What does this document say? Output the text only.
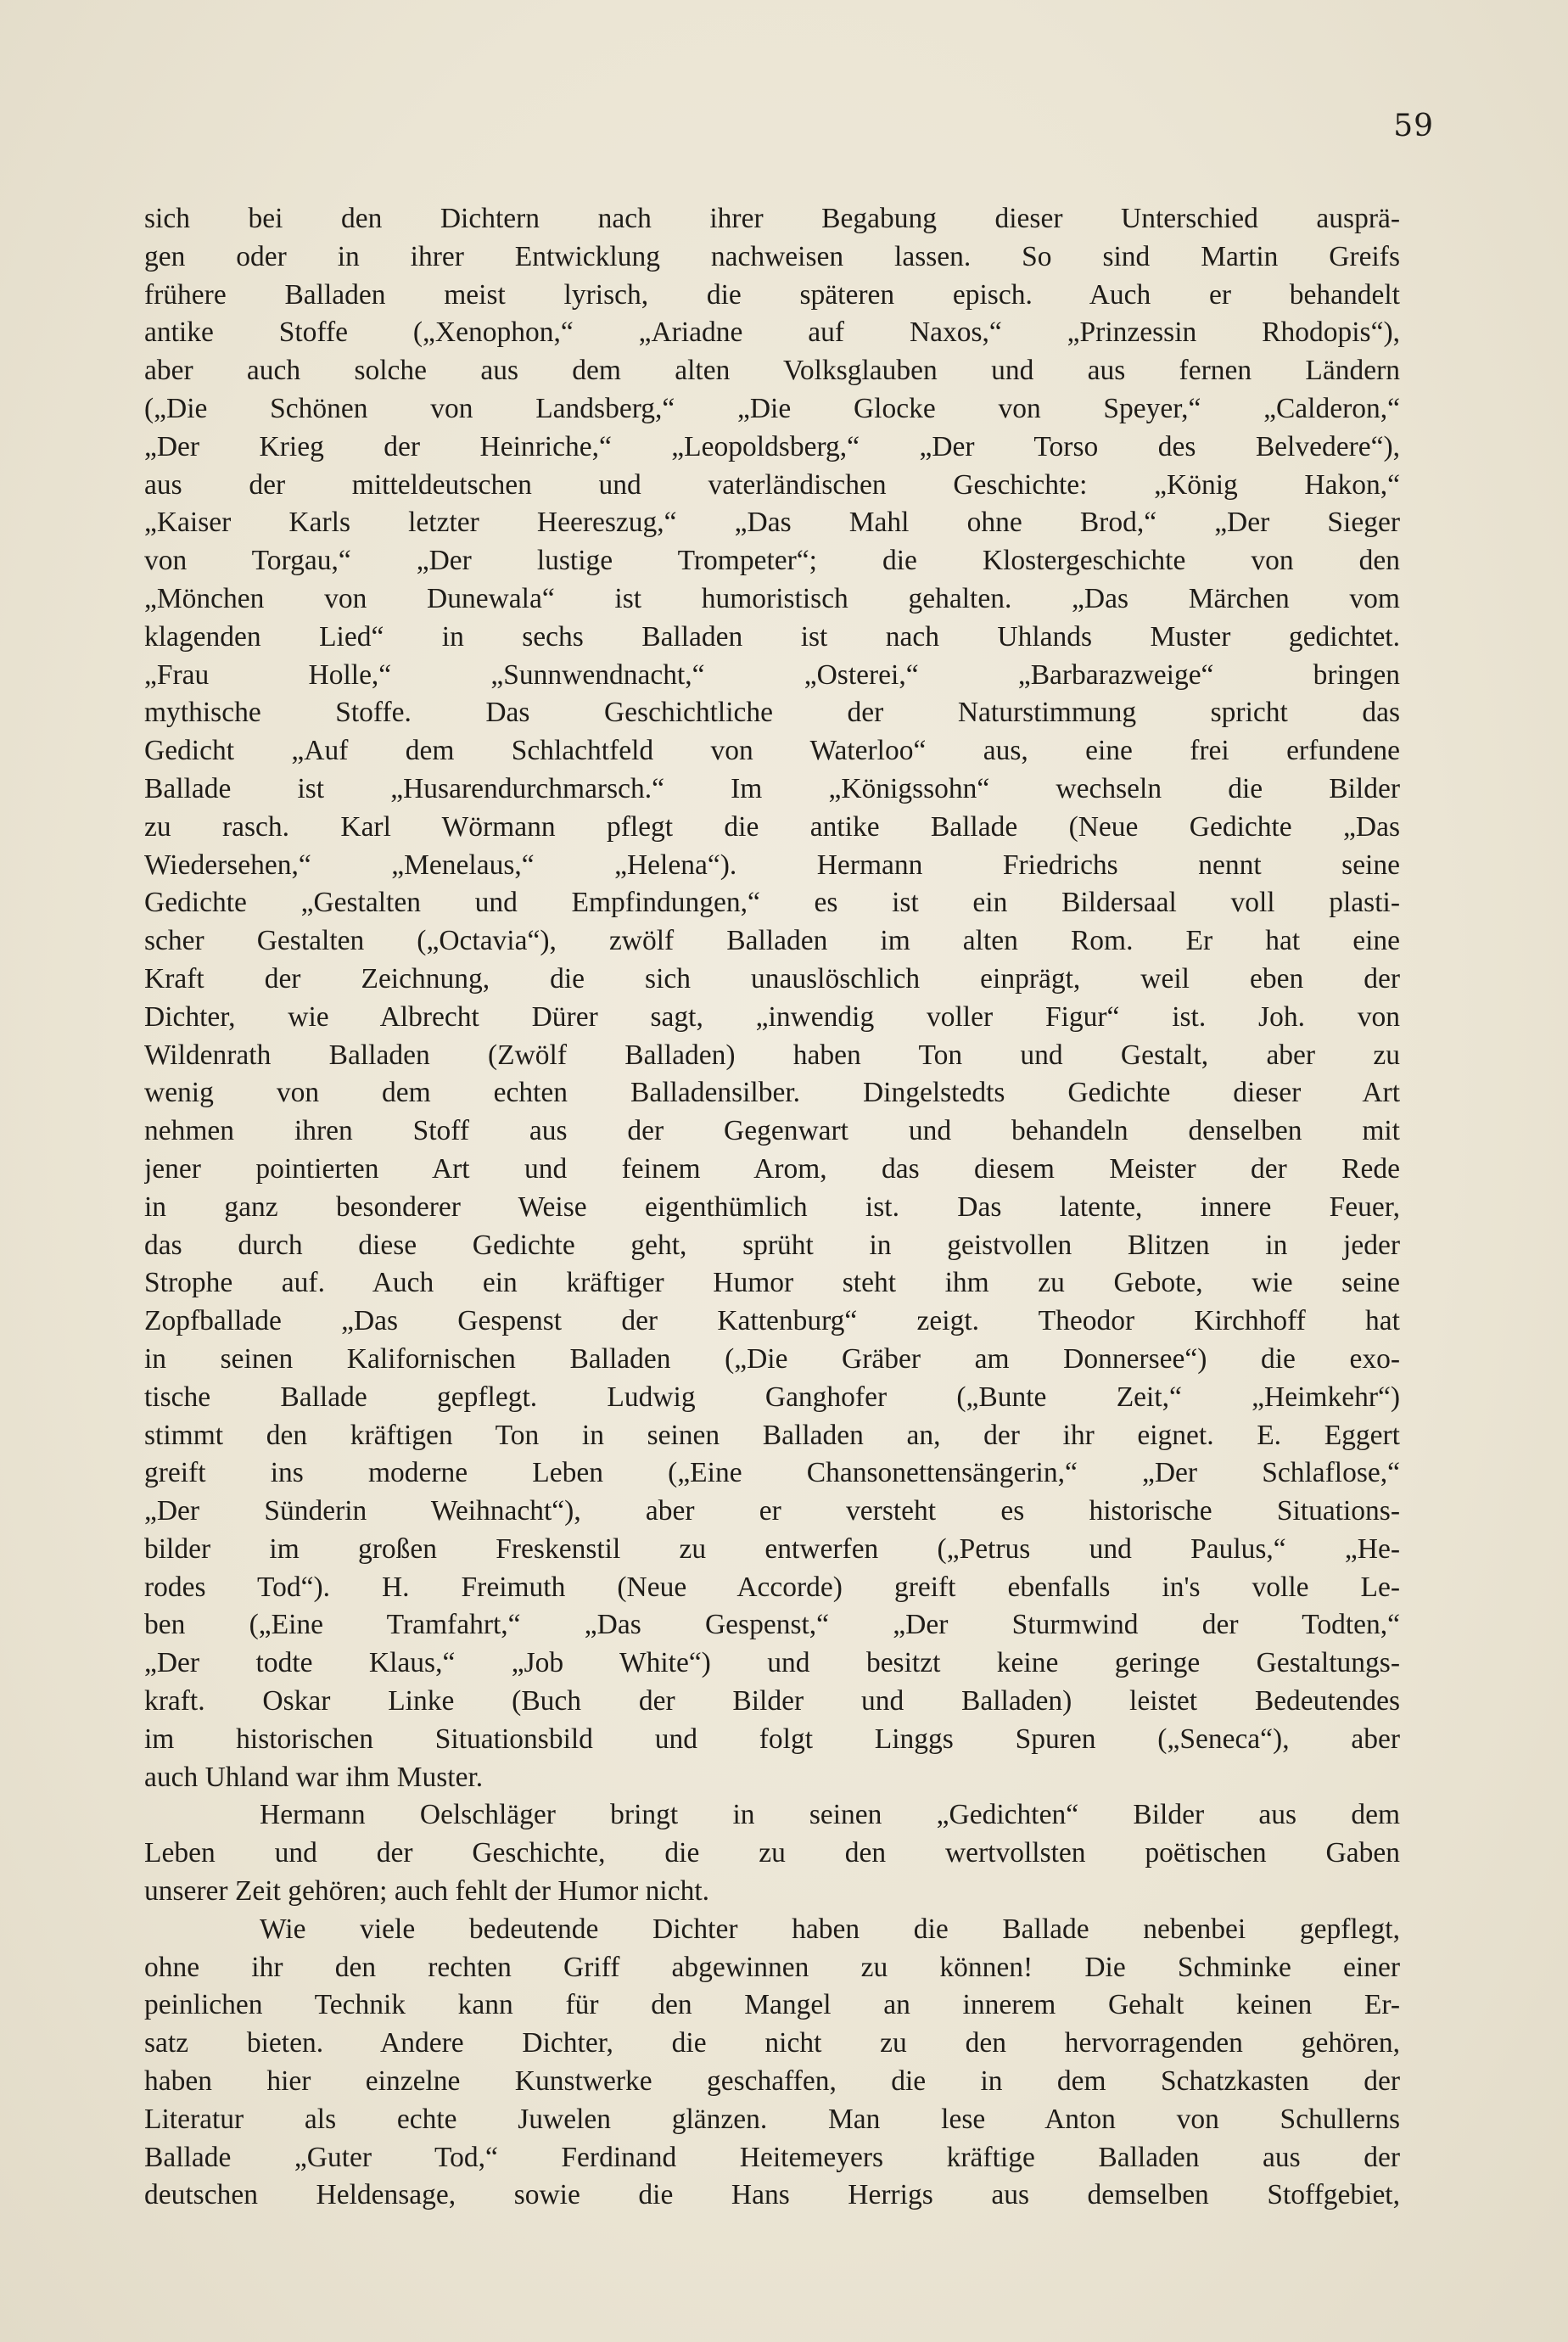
59
sich bei den Dichtern nach ihrer Begabung dieser Unterschied ausprä-
gen oder in ihrer Entwicklung nachweisen lassen. So sind Martin Greifs
frühere Balladen meist lyrisch, die späteren episch. Auch er behandelt
antike Stoffe („Xenophon,“ „Ariadne auf Naxos,“ „Prinzessin Rhodopis“),
aber auch solche aus dem alten Volksglauben und aus fernen Ländern
(„Die Schönen von Landsberg,“ „Die Glocke von Speyer,“ „Calderon,“
„Der Krieg der Heinriche,“ „Leopoldsberg,“ „Der Torso des Belvedere“),
aus der mitteldeutschen und vaterländischen Geschichte: „König Hakon,“
„Kaiser Karls letzter Heereszug,“ „Das Mahl ohne Brod,“ „Der Sieger
von Torgau,“ „Der lustige Trompeter“; die Klostergeschichte von den
„Mönchen von Dunewala“ ist humoristisch gehalten. „Das Märchen vom
klagenden Lied“ in sechs Balladen ist nach Uhlands Muster gedichtet.
„Frau Holle,“ „Sunnwendnacht,“ „Osterei,“ „Barbarazweige“ bringen
mythische Stoffe. Das Geschichtliche der Naturstimmung spricht das
Gedicht „Auf dem Schlachtfeld von Waterloo“ aus, eine frei erfundene
Ballade ist „Husarendurchmarsch.“ Im „Königssohn“ wechseln die Bilder
zu rasch. Karl Wörmann pflegt die antike Ballade (Neue Gedichte „Das
Wiedersehen,“ „Menelaus,“ „Helena“). Hermann Friedrichs nennt seine
Gedichte „Gestalten und Empfindungen,“ es ist ein Bildersaal voll plasti-
scher Gestalten („Octavia“), zwölf Balladen im alten Rom. Er hat eine
Kraft der Zeichnung, die sich unauslöschlich einprägt, weil eben der
Dichter, wie Albrecht Dürer sagt, „inwendig voller Figur“ ist. Joh. von
Wildenrath Balladen (Zwölf Balladen) haben Ton und Gestalt, aber zu
wenig von dem echten Balladensilber. Dingelstedts Gedichte dieser Art
nehmen ihren Stoff aus der Gegenwart und behandeln denselben mit
jener pointierten Art und feinem Arom, das diesem Meister der Rede
in ganz besonderer Weise eigenthümlich ist. Das latente, innere Feuer,
das durch diese Gedichte geht, sprüht in geistvollen Blitzen in jeder
Strophe auf. Auch ein kräftiger Humor steht ihm zu Gebote, wie seine
Zopfballade „Das Gespenst der Kattenburg“ zeigt. Theodor Kirchhoff hat
in seinen Kalifornischen Balladen („Die Gräber am Donnersee“) die exo-
tische Ballade gepflegt. Ludwig Ganghofer („Bunte Zeit,“ „Heimkehr“)
stimmt den kräftigen Ton in seinen Balladen an, der ihr eignet. E. Eggert
greift ins moderne Leben („Eine Chansonettensängerin,“ „Der Schlaflose,“
„Der Sünderin Weihnacht“), aber er versteht es historische Situations-
bilder im großen Freskenstil zu entwerfen („Petrus und Paulus,“ „He-
rodes Tod“). H. Freimuth (Neue Accorde) greift ebenfalls in's volle Le-
ben („Eine Tramfahrt,“ „Das Gespenst,“ „Der Sturmwind der Todten,“
„Der todte Klaus,“ „Job White“) und besitzt keine geringe Gestaltungs-
kraft. Oskar Linke (Buch der Bilder und Balladen) leistet Bedeutendes
im historischen Situationsbild und folgt Linggs Spuren („Seneca“), aber
auch Uhland war ihm Muster.
Hermann Oelschläger bringt in seinen „Gedichten“ Bilder aus dem
Leben und der Geschichte, die zu den wertvollsten poëtischen Gaben
unserer Zeit gehören; auch fehlt der Humor nicht.
Wie viele bedeutende Dichter haben die Ballade nebenbei gepflegt,
ohne ihr den rechten Griff abgewinnen zu können! Die Schminke einer
peinlichen Technik kann für den Mangel an innerem Gehalt keinen Er-
satz bieten. Andere Dichter, die nicht zu den hervorragenden gehören,
haben hier einzelne Kunstwerke geschaffen, die in dem Schatzkasten der
Literatur als echte Juwelen glänzen. Man lese Anton von Schullerns
Ballade „Guter Tod,“ Ferdinand Heitemeyers kräftige Balladen aus der
deutschen Heldensage, sowie die Hans Herrigs aus demselben Stoffgebiet,
